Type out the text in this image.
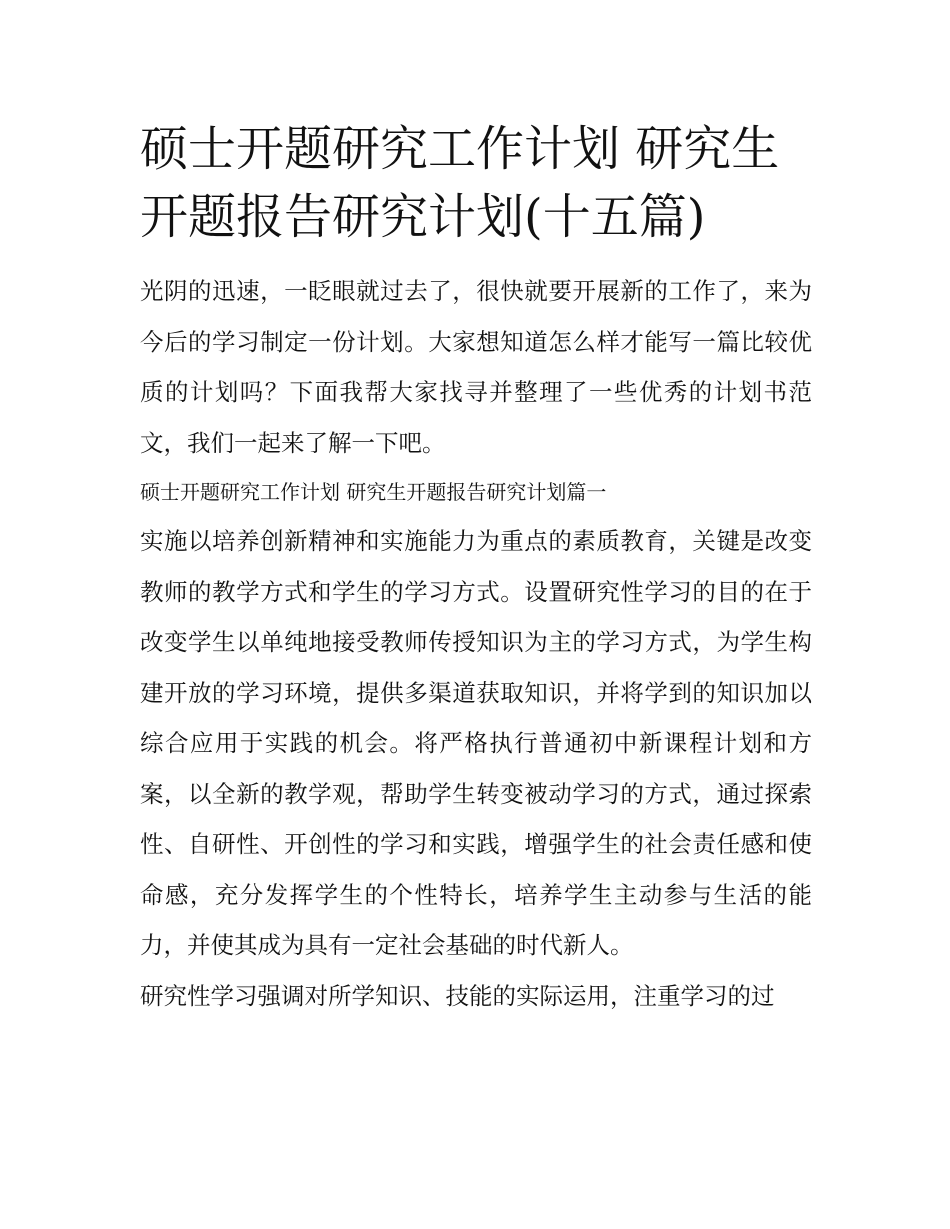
硕士开题研究工作计划 研究生开题报告研究计划(十五篇)

光阴的迅速，一眨眼就过去了，很快就要开展新的工作了，来为今后的学习制定一份计划。大家想知道怎么样才能写一篇比较优质的计划吗？下面我帮大家找寻并整理了一些优秀的计划书范文，我们一起来了解一下吧。

硕士开题研究工作计划 研究生开题报告研究计划篇一

实施以培养创新精神和实施能力为重点的素质教育，关键是改变教师的教学方式和学生的学习方式。设置研究性学习的目的在于改变学生以单纯地接受教师传授知识为主的学习方式，为学生构建开放的学习环境，提供多渠道获取知识，并将学到的知识加以综合应用于实践的机会。将严格执行普通初中新课程计划和方案，以全新的教学观，帮助学生转变被动学习的方式，通过探索性、自研性、开创性的学习和实践，增强学生的社会责任感和使命感，充分发挥学生的个性特长，培养学生主动参与生活的能力，并使其成为具有一定社会基础的时代新人。

研究性学习强调对所学知识、技能的实际运用，注重学习的过
